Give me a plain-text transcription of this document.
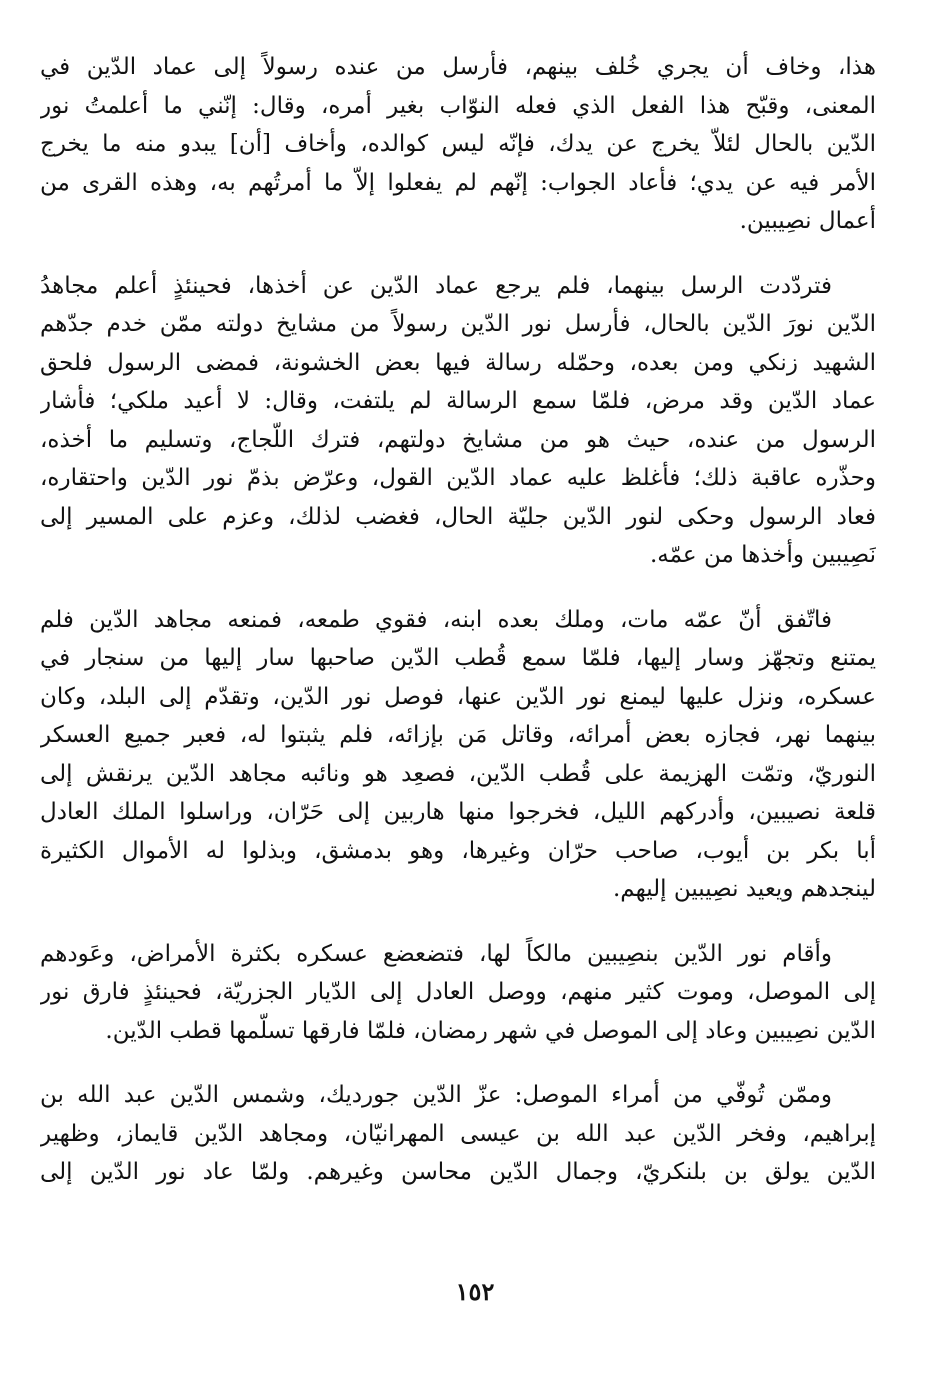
هذا، وخاف أن يجري خُلف بينهم، فأرسل من عنده رسولاً إلى عماد الدّين في
المعنى، وقبّح هذا الفعل الذي فعله النوّاب بغير أمره، وقال: إنّني ما أعلمتُ نور
الدّين بالحال لئلاّ يخرج عن يدك، فإنّه ليس كوالده، وأخاف [أن] يبدو منه ما يخرج
الأمر فيه عن يدي؛ فأعاد الجواب: إنّهم لم يفعلوا إلاّ ما أمرتُهم به، وهذه القرى من
أعمال نصِيبين.
فتردّدت الرسل بينهما، فلم يرجع عماد الدّين عن أخذها، فحينئذٍ أعلم مجاهدُ
الدّين نورَ الدّين بالحال، فأرسل نور الدّين رسولاً من مشايخ دولته ممّن خدم جدّهم
الشهيد زنكي ومن بعده، وحمّله رسالة فيها بعض الخشونة، فمضى الرسول فلحق
عماد الدّين وقد مرض، فلمّا سمع الرسالة لم يلتفت، وقال: لا أعيد ملكي؛ فأشار
الرسول من عنده، حيث هو من مشايخ دولتهم، فترك اللّجاج، وتسليم ما أخذه،
وحذّره عاقبة ذلك؛ فأغلظ عليه عماد الدّين القول، وعرّض بذمّ نور الدّين واحتقاره،
فعاد الرسول وحكى لنور الدّين جليّة الحال، فغضب لذلك، وعزم على المسير إلى
نَصِيبين وأخذها من عمّه.
فاتّفق أنّ عمّه مات، وملك بعده ابنه، فقوي طمعه، فمنعه مجاهد الدّين فلم
يمتنع وتجهّز وسار إليها، فلمّا سمع قُطب الدّين صاحبها سار إليها من سنجار في
عسكره، ونزل عليها ليمنع نور الدّين عنها، فوصل نور الدّين، وتقدّم إلى البلد، وكان
بينهما نهر، فجازه بعض أمرائه، وقاتل مَن بإزائه، فلم يثبتوا له، فعبر جميع العسكر
النوريّ، وتمّت الهزيمة على قُطب الدّين، فصعِد هو ونائبه مجاهد الدّين يرنقش إلى
قلعة نصيبين، وأدركهم الليل، فخرجوا منها هاربين إلى حَرّان، وراسلوا الملك العادل
أبا بكر بن أيوب، صاحب حرّان وغيرها، وهو بدمشق، وبذلوا له الأموال الكثيرة
لينجدهم ويعيد نصِيبين إليهم.
وأقام نور الدّين بنصِيبين مالكاً لها، فتضعضع عسكره بكثرة الأمراض، وعَودهم
إلى الموصل، وموت كثير منهم، ووصل العادل إلى الدّيار الجزريّة، فحينئذٍ فارق نور
الدّين نصِيبين وعاد إلى الموصل في شهر رمضان، فلمّا فارقها تسلّمها قطب الدّين.
وممّن تُوفّي من أمراء الموصل: عزّ الدّين جورديك، وشمس الدّين عبد الله بن
إبراهيم، وفخر الدّين عبد الله بن عيسى المهرانيّان، ومجاهد الدّين قايماز، وظهير
الدّين يولق بن بلنكريّ، وجمال الدّين محاسن وغيرهم. ولمّا عاد نور الدّين إلى
١٥٢
